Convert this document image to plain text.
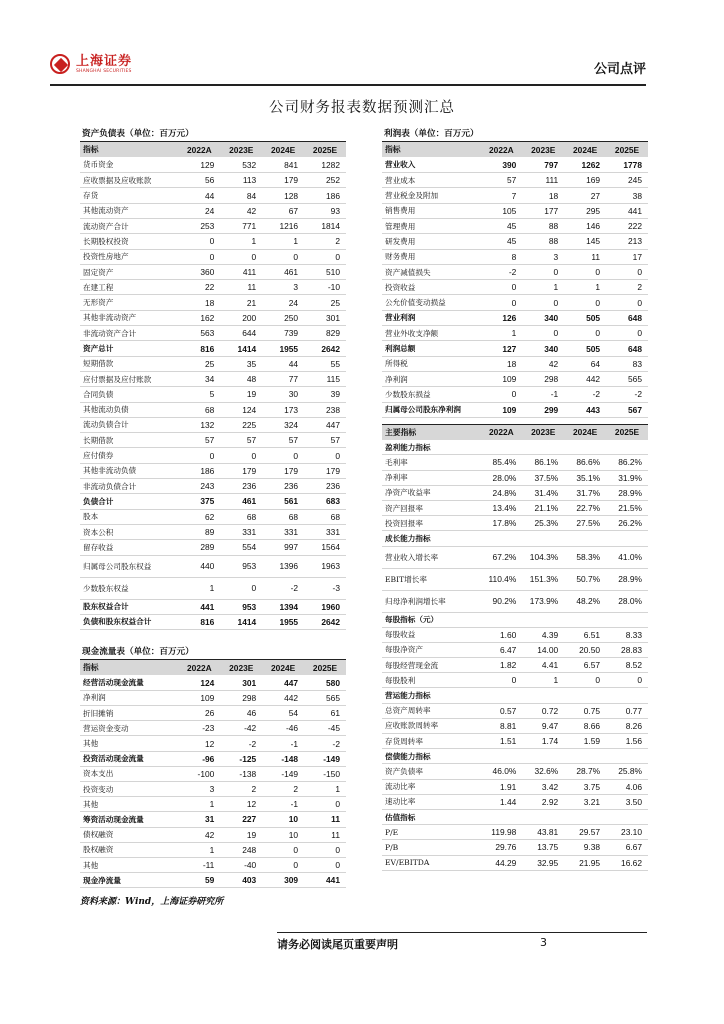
上海证券
SHANGHAI SECURITIES	公司点评
公司财务报表数据预测汇总
资产负债表（单位：百万元）
指标	2022A	2023E	2024E	2025E
货币资金	129	532	841	1282
应收票据及应收账款	56	113	179	252
存货	44	84	128	186
其他流动资产	24	42	67	93
流动资产合计	253	771	1216	1814
长期股权投资	0	1	1	2
投资性房地产	0	0	0	0
固定资产	360	411	461	510
在建工程	22	11	3	-10
无形资产	18	21	24	25
其他非流动资产	162	200	250	301
非流动资产合计	563	644	739	829
资产总计	816	1414	1955	2642
短期借款	25	35	44	55
应付票据及应付账款	34	48	77	115
合同负债	5	19	30	39
其他流动负债	68	124	173	238
流动负债合计	132	225	324	447
长期借款	57	57	57	57
应付债券	0	0	0	0
其他非流动负债	186	179	179	179
非流动负债合计	243	236	236	236
负债合计	375	461	561	683
股本	62	68	68	68
资本公积	89	331	331	331
留存收益	289	554	997	1564
归属母公司股东权益	440	953	1396	1963
少数股东权益	1	0	-2	-3
股东权益合计	441	953	1394	1960
负债和股东权益合计	816	1414	1955	2642
现金流量表（单位：百万元）
指标	2022A	2023E	2024E	2025E
经营活动现金流量	124	301	447	580
净利润	109	298	442	565
折旧摊销	26	46	54	61
营运资金变动	-23	-42	-46	-45
其他	12	-2	-1	-2
投资活动现金流量	-96	-125	-148	-149
资本支出	-100	-138	-149	-150
投资变动	3	2	2	1
其他	1	12	-1	0
筹资活动现金流量	31	227	10	11
债权融资	42	19	10	11
股权融资	1	248	0	0
其他	-11	-40	0	0
现金净流量	59	403	309	441
利润表（单位：百万元）
指标	2022A	2023E	2024E	2025E
营业收入	390	797	1262	1778
营业成本	57	111	169	245
营业税金及附加	7	18	27	38
销售费用	105	177	295	441
管理费用	45	88	146	222
研发费用	45	88	145	213
财务费用	8	3	11	17
资产减值损失	-2	0	0	0
投资收益	0	1	1	2
公允价值变动损益	0	0	0	0
营业利润	126	340	505	648
营业外收支净额	1	0	0	0
利润总额	127	340	505	648
所得税	18	42	64	83
净利润	109	298	442	565
少数股东损益	0	-1	-2	-2
归属母公司股东净利润	109	299	443	567
主要指标	2022A	2023E	2024E	2025E
盈利能力指标				
毛利率	85.4%	86.1%	86.6%	86.2%
净利率	28.0%	37.5%	35.1%	31.9%
净资产收益率	24.8%	31.4%	31.7%	28.9%
资产回报率	13.4%	21.1%	22.7%	21.5%
投资回报率	17.8%	25.3%	27.5%	26.2%
成长能力指标				
营业收入增长率	67.2%	104.3%	58.3%	41.0%
EBIT增长率	110.4%	151.3%	50.7%	28.9%
归母净利润增长率	90.2%	173.9%	48.2%	28.0%
每股指标（元）				
每股收益	1.60	4.39	6.51	8.33
每股净资产	6.47	14.00	20.50	28.83
每股经营现金流	1.82	4.41	6.57	8.52
每股股利	0	1	0	0
营运能力指标				
总资产周转率	0.57	0.72	0.75	0.77
应收账款周转率	8.81	9.47	8.66	8.26
存货周转率	1.51	1.74	1.59	1.56
偿债能力指标				
资产负债率	46.0%	32.6%	28.7%	25.8%
流动比率	1.91	3.42	3.75	4.06
速动比率	1.44	2.92	3.21	3.50
估值指标				
P/E	119.98	43.81	29.57	23.10
P/B	29.76	13.75	9.38	6.67
EV/EBITDA	44.29	32.95	21.95	16.62
资料来源：Wind，上海证券研究所
请务必阅读尾页重要声明	3
